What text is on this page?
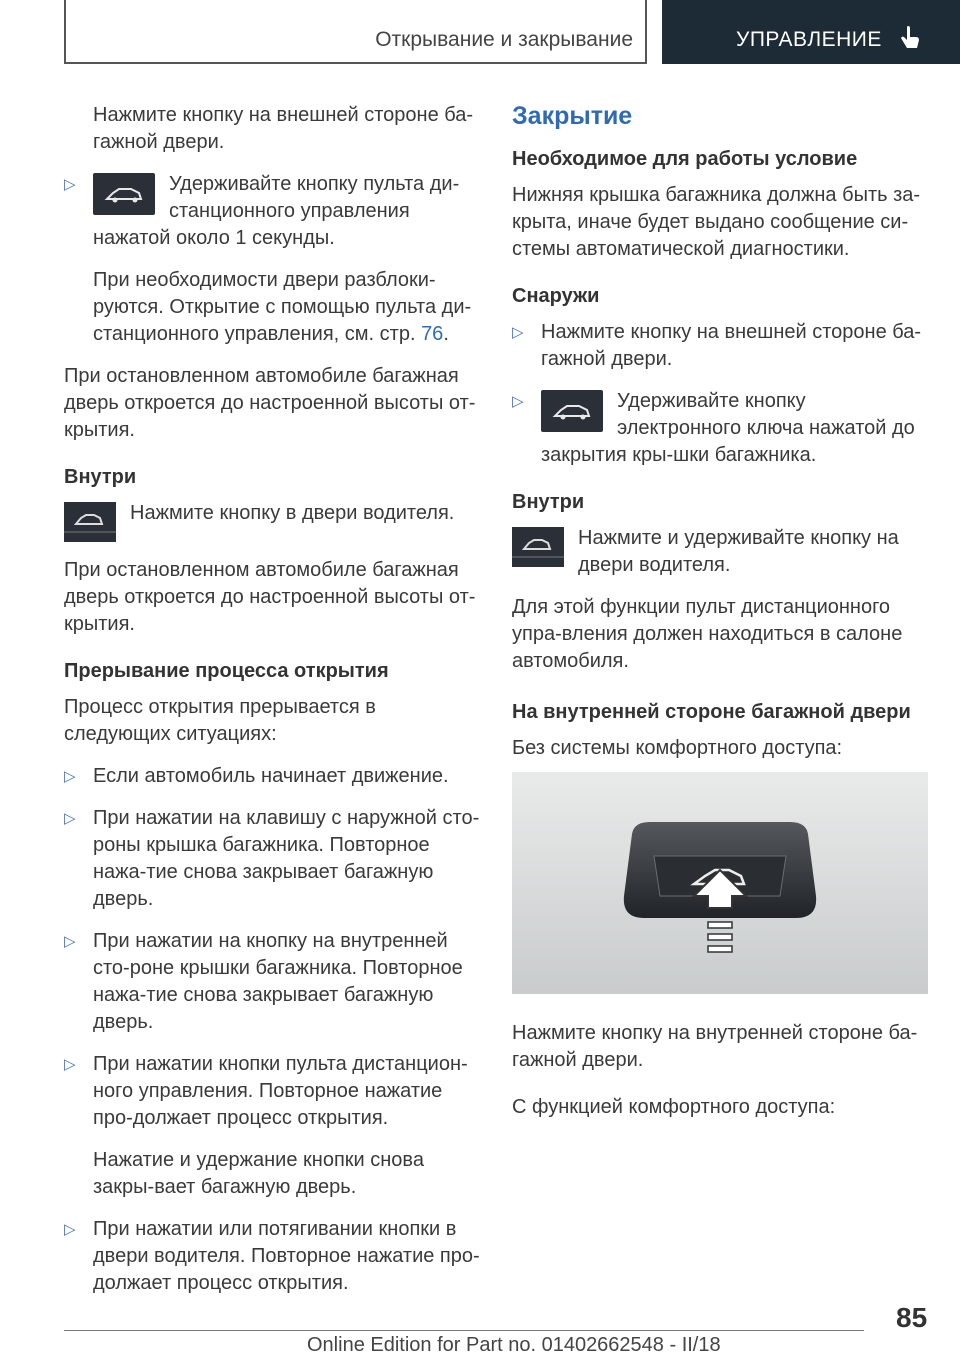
Открывание и закрывание	УПРАВЛЕНИЕ

Нажмите кнопку на внешней стороне ба-
гажной двери.

▷	Удерживайте кнопку пульта ди-станционного управления нажатой около 1 секунды.

При необходимости двери разблоки-руются. Открытие с помощью пульта ди-станционного управления, см. стр. 76.

При остановленном автомобиле багажная дверь откроется до настроенной высоты от-крытия.

Внутри

Нажмите кнопку в двери водителя.

При остановленном автомобиле багажная дверь откроется до настроенной высоты от-крытия.

Прерывание процесса открытия

Процесс открытия прерывается в следующих ситуациях:

▷ Если автомобиль начинает движение.
▷ При нажатии на клавишу с наружной сто-роны крышка багажника. Повторное нажа-тие снова закрывает багажную дверь.
▷ При нажатии на кнопку на внутренней сто-роне крышки багажника. Повторное нажа-тие снова закрывает багажную дверь.
▷ При нажатии кнопки пульта дистанцион-ного управления. Повторное нажатие про-должает процесс открытия.

Нажатие и удержание кнопки снова закры-вает багажную дверь.

▷ При нажатии или потягивании кнопки в двери водителя. Повторное нажатие про-должает процесс открытия.

Закрытие

Необходимое для работы условие

Нижняя крышка багажника должна быть за-крыта, иначе будет выдано сообщение си-стемы автоматической диагностики.

Снаружи

▷ Нажмите кнопку на внешней стороне ба-гажной двери.
▷	Удерживайте кнопку электронного ключа нажатой до закрытия кры-шки багажника.

Внутри

Нажмите и удерживайте кнопку на двери водителя.

Для этой функции пульт дистанционного упра-вления должен находиться в салоне автомобиля.

На внутренней стороне багажной двери

Без системы комфортного доступа:

Нажмите кнопку на внутренней стороне ба-гажной двери.

С функцией комфортного доступа:

85
Online Edition for Part no. 01402662548 - II/18
